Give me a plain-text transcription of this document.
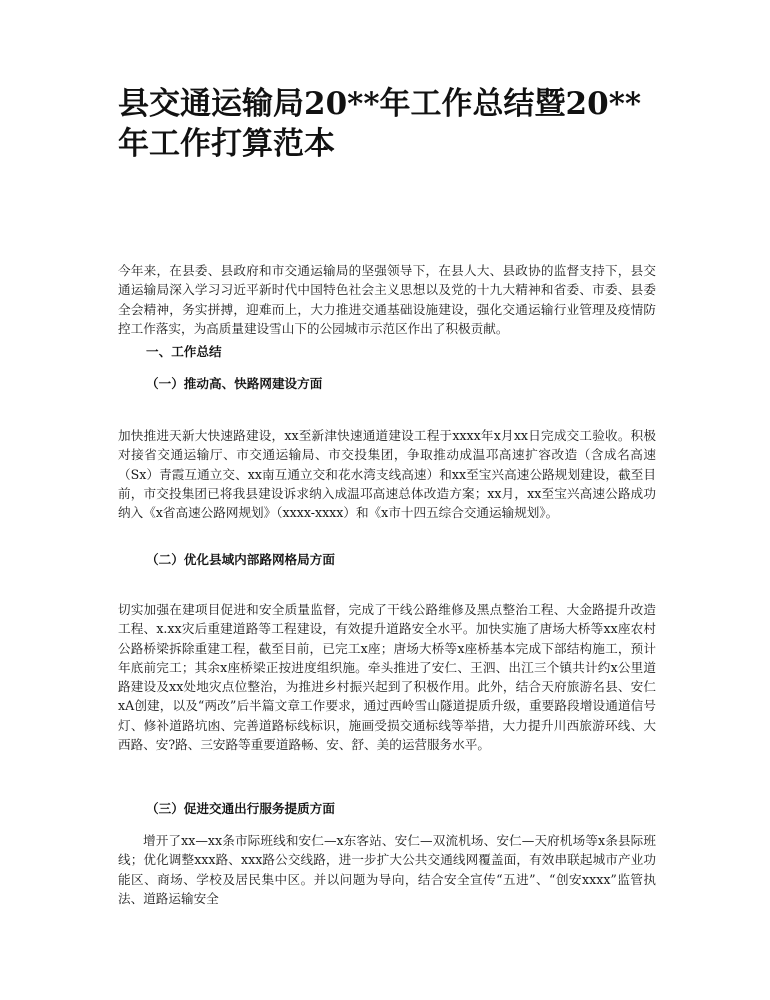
县交通运输局20**年工作总结暨20**年工作打算范本

今年来，在县委、县政府和市交通运输局的坚强领导下，在县人大、县政协的监督支持下，县交通运输局深入学习习近平新时代中国特色社会主义思想以及党的十九大精神和省委、市委、县委全会精神，务实拼搏，迎难而上，大力推进交通基础设施建设，强化交通运输行业管理及疫情防控工作落实，为高质量建设雪山下的公园城市示范区作出了积极贡献。

一、工作总结

（一）推动高、快路网建设方面

加快推进天新大快速路建设，xx至新津快速通道建设工程于xxxx年x月xx日完成交工验收。积极对接省交通运输厅、市交通运输局、市交投集团，争取推动成温邛高速扩容改造（含成名高速（Sx）青霞互通立交、xx南互通立交和花水湾支线高速）和xx至宝兴高速公路规划建设，截至目前，市交投集团已将我县建设诉求纳入成温邛高速总体改造方案；xx月，xx至宝兴高速公路成功纳入《x省高速公路网规划》（xxxx-xxxx）和《x市十四五综合交通运输规划》。

（二）优化县域内部路网格局方面

切实加强在建项目促进和安全质量监督，完成了干线公路维修及黑点整治工程、大金路提升改造工程、x.xx灾后重建道路等工程建设，有效提升道路安全水平。加快实施了唐场大桥等xx座农村公路桥梁拆除重建工程，截至目前，已完工x座；唐场大桥等x座桥基本完成下部结构施工，预计年底前完工；其余x座桥梁正按进度组织施。牵头推进了安仁、王泗、出江三个镇共计约x公里道路建设及xx处地灾点位整治，为推进乡村振兴起到了积极作用。此外，结合天府旅游名县、安仁xA创建，以及“两改”后半篇文章工作要求，通过西岭雪山隧道提质升级，重要路段增设通道信号灯、修补道路坑凼、完善道路标线标识，施画受损交通标线等举措，大力提升川西旅游环线、大西路、安?路、三安路等重要道路畅、安、舒、美的运营服务水平。

（三）促进交通出行服务提质方面

增开了xx—xx条市际班线和安仁—x东客站、安仁—双流机场、安仁—天府机场等x条县际班线；优化调整xxx路、xxx路公交线路，进一步扩大公共交通线网覆盖面，有效串联起城市产业功能区、商场、学校及居民集中区。并以问题为导向，结合安全宣传“五进”、“创安xxxx”监管执法、道路运输安全
